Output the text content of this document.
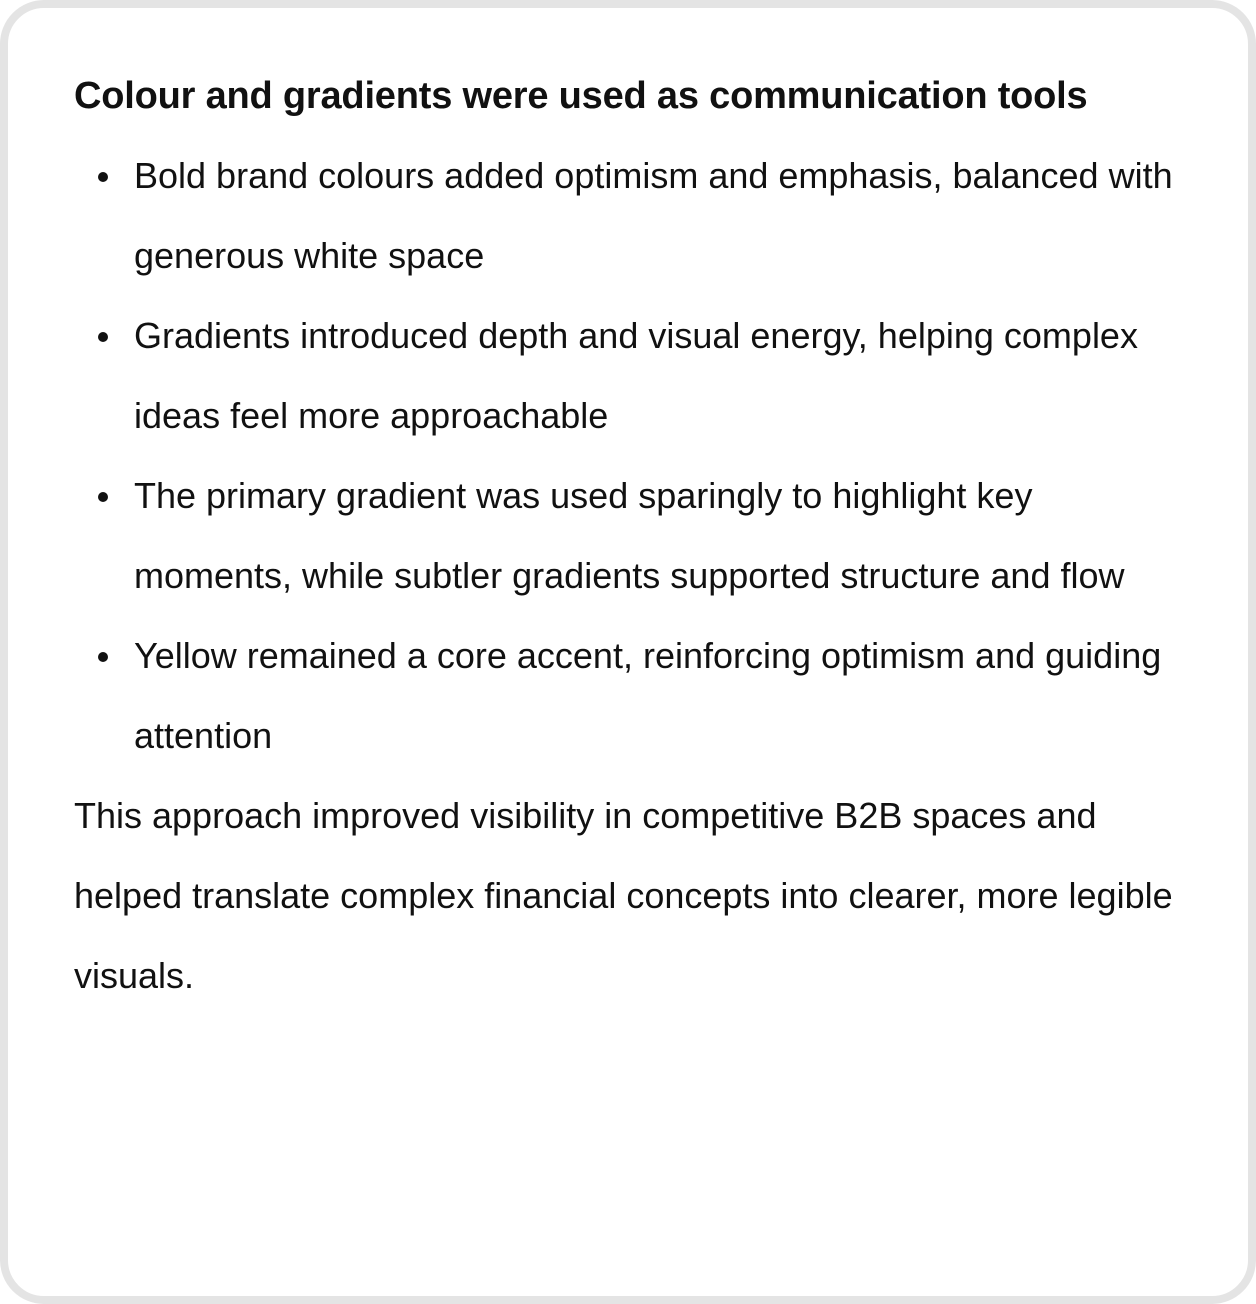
Colour and gradients were used as communication tools
Bold brand colours added optimism and emphasis, balanced with generous white space
Gradients introduced depth and visual energy, helping complex ideas feel more approachable
The primary gradient was used sparingly to highlight key moments, while subtler gradients supported structure and flow
Yellow remained a core accent, reinforcing optimism and guiding attention

This approach improved visibility in competitive B2B spaces and helped translate complex financial concepts into clearer, more legible visuals.
